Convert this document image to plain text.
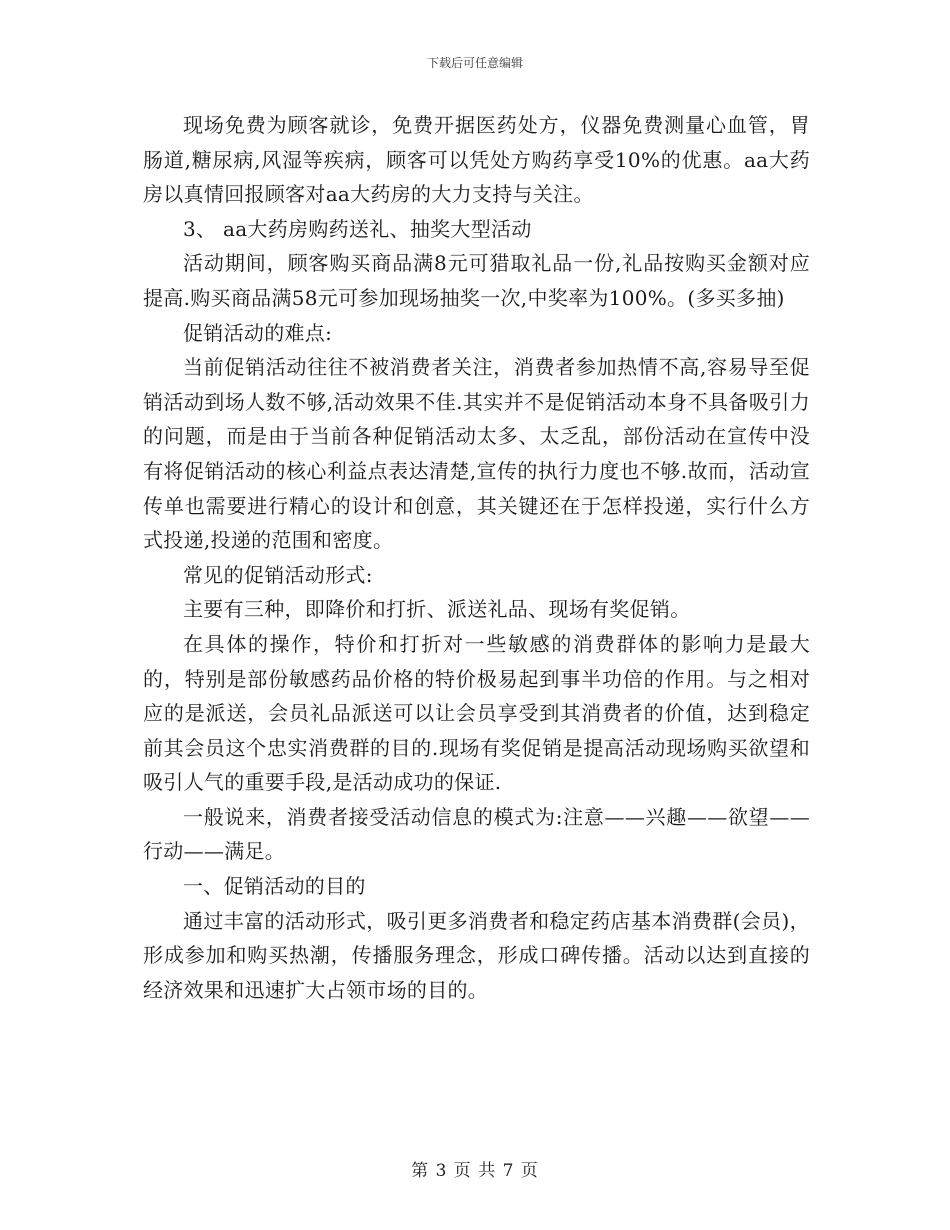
下载后可任意编辑

现场免费为顾客就诊，免费开据医药处方，仪器免费测量心血管，胃肠道,糖尿病,风湿等疾病，顾客可以凭处方购药享受10%的优惠。aa大药房以真情回报顾客对aa大药房的大力支持与关注。

3、 aa大药房购药送礼、抽奖大型活动

活动期间，顾客购买商品满8元可猎取礼品一份,礼品按购买金额对应提高.购买商品满58元可参加现场抽奖一次,中奖率为100%。(多买多抽)

促销活动的难点:

当前促销活动往往不被消费者关注，消费者参加热情不高,容易导至促销活动到场人数不够,活动效果不佳.其实并不是促销活动本身不具备吸引力的问题，而是由于当前各种促销活动太多、太乏乱，部份活动在宣传中没有将促销活动的核心利益点表达清楚,宣传的执行力度也不够.故而，活动宣传单也需要进行精心的设计和创意，其关键还在于怎样投递，实行什么方式投递,投递的范围和密度。

常见的促销活动形式:

主要有三种，即降价和打折、派送礼品、现场有奖促销。

在具体的操作，特价和打折对一些敏感的消费群体的影响力是最大的，特别是部份敏感药品价格的特价极易起到事半功倍的作用。与之相对应的是派送，会员礼品派送可以让会员享受到其消费者的价值，达到稳定前其会员这个忠实消费群的目的.现场有奖促销是提高活动现场购买欲望和吸引人气的重要手段,是活动成功的保证.

一般说来，消费者接受活动信息的模式为:注意——兴趣——欲望——行动——满足。

一、促销活动的目的

通过丰富的活动形式，吸引更多消费者和稳定药店基本消费群(会员)，形成参加和购买热潮，传播服务理念，形成口碑传播。活动以达到直接的经济效果和迅速扩大占领市场的目的。

第 3 页 共 7 页
